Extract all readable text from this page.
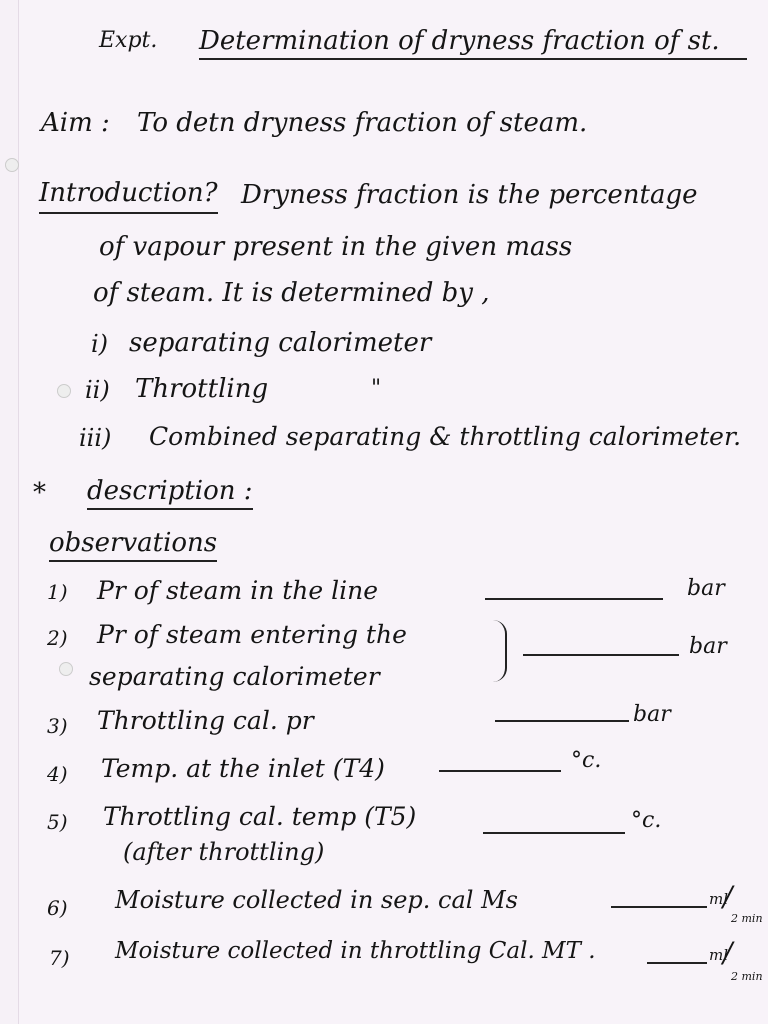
Expt. Determination of dryness fraction of st.
Aim : To detn dryness fraction of steam.
Introduction? Dryness fraction is the percentage
of vapour present in the given mass
of steam. It is determined by ,
i) separating calorimeter
ii) Throttling	"
iii) Combined separating & throttling calorimeter.
* description :
observations
1) Pr of steam in the line	bar
2) Pr of steam entering the
separating calorimeter
bar
3) Throttling cal. pr	bar
4) Temp. at the inlet (T4)	°c.
5) Throttling cal. temp (T5)
(after throttling)
°c.
6) Moisture collected in sep. cal Ms	ml
/
2 min
7) Moisture collected in throttling Cal. MT .	ml
/
2 min
